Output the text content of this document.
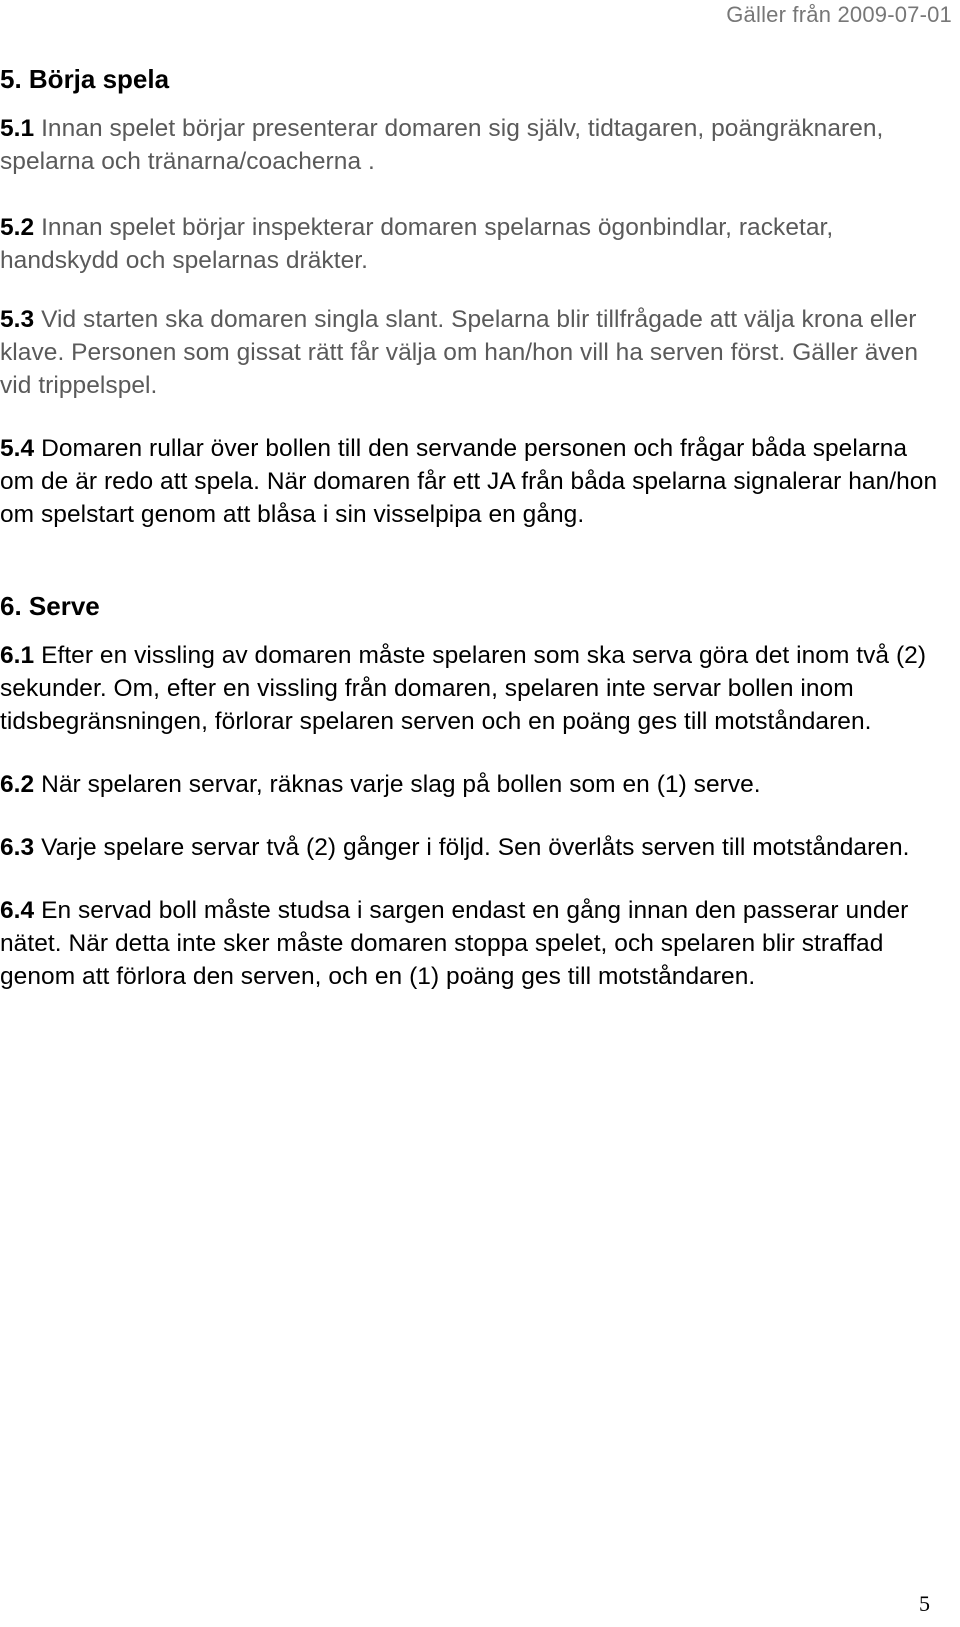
Gäller från 2009-07-01
5. Börja spela

5.1 Innan spelet börjar presenterar domaren sig själv, tidtagaren, poängräknaren, spelarna och tränarna/coacherna .

5.2 Innan spelet börjar inspekterar domaren spelarnas ögonbindlar, racketar, handskydd och spelarnas dräkter.

5.3 Vid starten ska domaren singla slant. Spelarna blir tillfrågade att välja krona eller klave. Personen som gissat rätt får välja om han/hon vill ha serven först. Gäller även vid trippelspel.

5.4 Domaren rullar över bollen till den servande personen och frågar båda spelarna om de är redo att spela. När domaren får ett JA från båda spelarna signalerar han/hon om spelstart genom att blåsa i sin visselpipa en gång.

6. Serve

6.1 Efter en vissling av domaren måste spelaren som ska serva göra det inom två (2) sekunder. Om, efter en vissling från domaren, spelaren inte servar bollen inom tidsbegränsningen, förlorar spelaren serven och en poäng ges till motståndaren.

6.2 När spelaren servar, räknas varje slag på bollen som en (1) serve.

6.3 Varje spelare servar två (2) gånger i följd. Sen överlåts serven till motståndaren.

6.4 En servad boll måste studsa i sargen endast en gång innan den passerar under nätet. När detta inte sker måste domaren stoppa spelet, och spelaren blir straffad genom att förlora den serven, och en (1) poäng ges till motståndaren.

5
